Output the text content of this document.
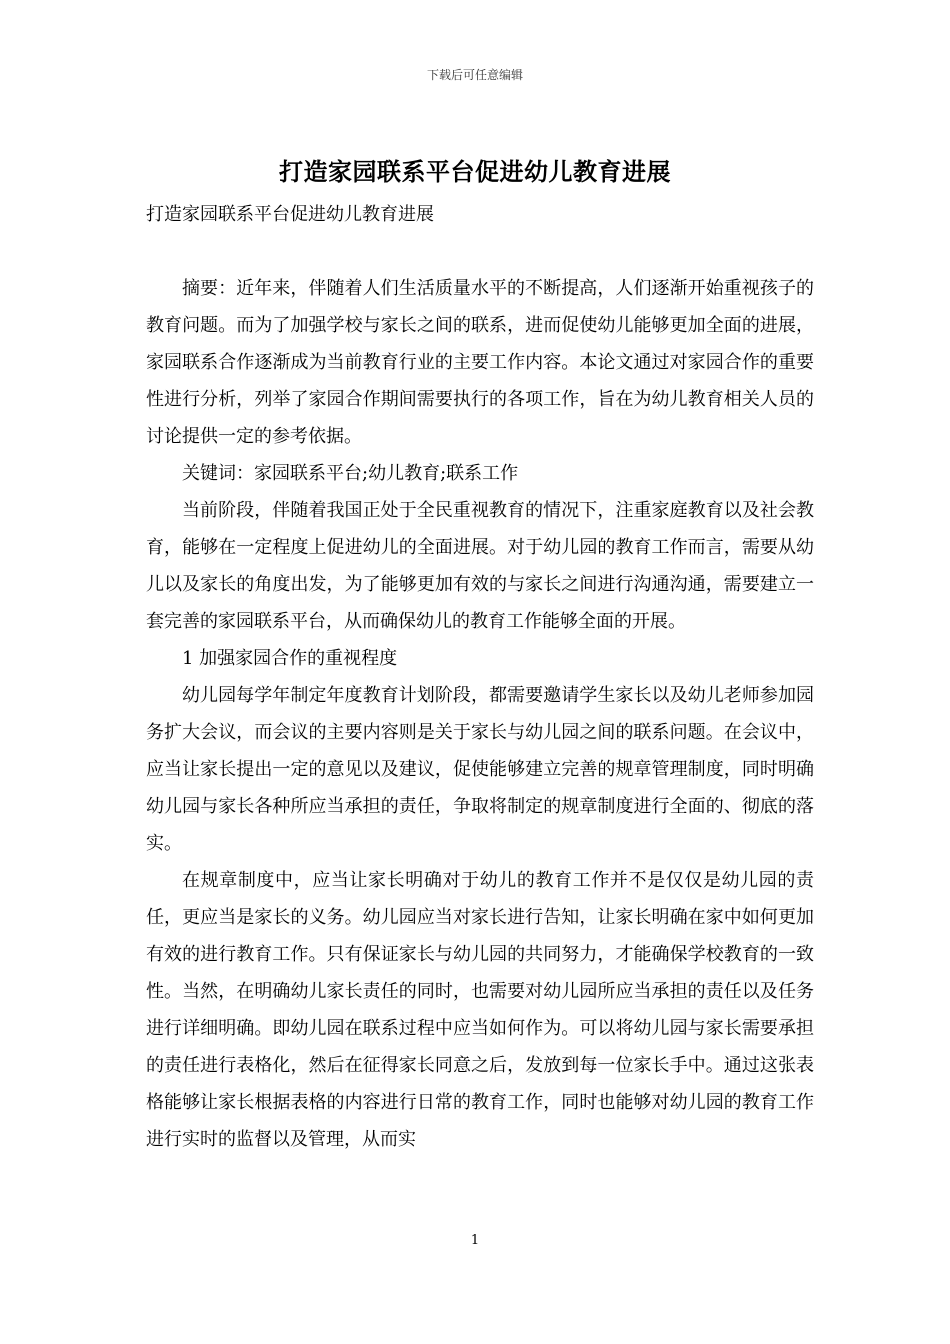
下载后可任意编辑
打造家园联系平台促进幼儿教育进展

打造家园联系平台促进幼儿教育进展

摘要：近年来，伴随着人们生活质量水平的不断提高，人们逐渐开始重视孩子的教育问题。而为了加强学校与家长之间的联系，进而促使幼儿能够更加全面的进展，家园联系合作逐渐成为当前教育行业的主要工作内容。本论文通过对家园合作的重要性进行分析，列举了家园合作期间需要执行的各项工作，旨在为幼儿教育相关人员的讨论提供一定的参考依据。

关键词：家园联系平台;幼儿教育;联系工作

当前阶段，伴随着我国正处于全民重视教育的情况下，注重家庭教育以及社会教育，能够在一定程度上促进幼儿的全面进展。对于幼儿园的教育工作而言，需要从幼儿以及家长的角度出发，为了能够更加有效的与家长之间进行沟通沟通，需要建立一套完善的家园联系平台，从而确保幼儿的教育工作能够全面的开展。

1 加强家园合作的重视程度

幼儿园每学年制定年度教育计划阶段，都需要邀请学生家长以及幼儿老师参加园务扩大会议，而会议的主要内容则是关于家长与幼儿园之间的联系问题。在会议中，应当让家长提出一定的意见以及建议，促使能够建立完善的规章管理制度，同时明确幼儿园与家长各种所应当承担的责任，争取将制定的规章制度进行全面的、彻底的落实。

在规章制度中，应当让家长明确对于幼儿的教育工作并不是仅仅是幼儿园的责任，更应当是家长的义务。幼儿园应当对家长进行告知，让家长明确在家中如何更加有效的进行教育工作。只有保证家长与幼儿园的共同努力，才能确保学校教育的一致性。当然，在明确幼儿家长责任的同时，也需要对幼儿园所应当承担的责任以及任务进行详细明确。即幼儿园在联系过程中应当如何作为。可以将幼儿园与家长需要承担的责任进行表格化，然后在征得家长同意之后，发放到每一位家长手中。通过这张表格能够让家长根据表格的内容进行日常的教育工作，同时也能够对幼儿园的教育工作进行实时的监督以及管理，从而实

1
